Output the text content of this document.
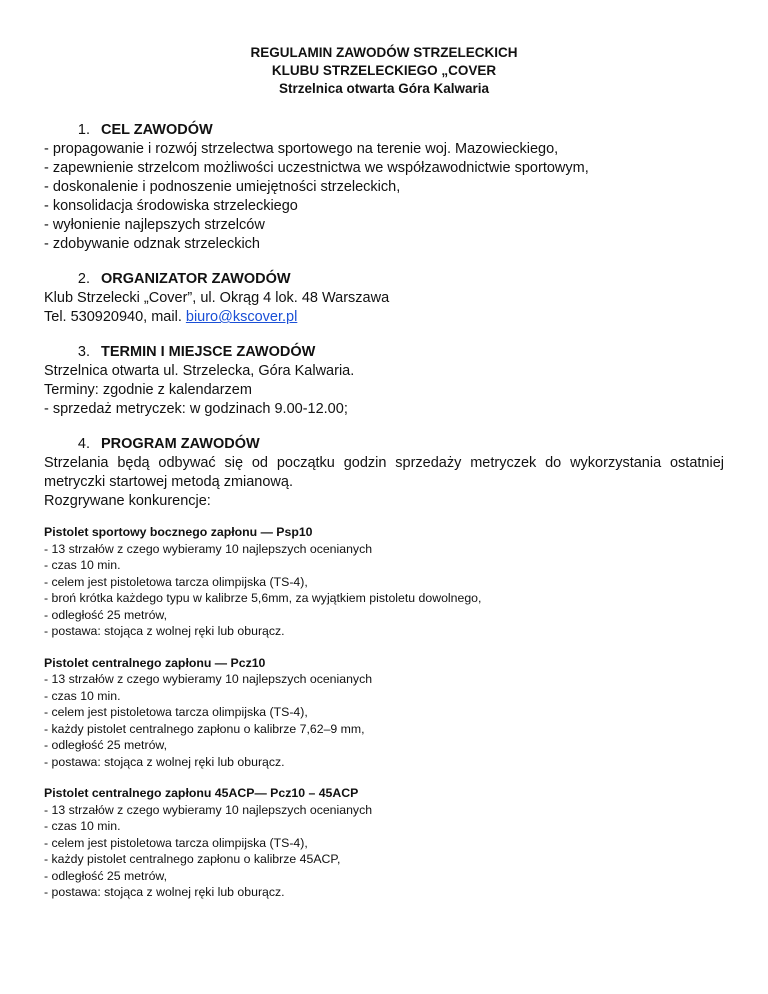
REGULAMIN ZAWODÓW STRZELECKICH
KLUBU STRZELECKIEGO „COVER
Strzelnica otwarta Góra Kalwaria
1. CEL ZAWODÓW
- propagowanie i rozwój strzelectwa sportowego na terenie woj. Mazowieckiego,
- zapewnienie strzelcom możliwości uczestnictwa we współzawodnictwie sportowym,
- doskonalenie i podnoszenie umiejętności strzeleckich,
- konsolidacja środowiska strzeleckiego
- wyłonienie najlepszych strzelców
- zdobywanie odznak strzeleckich
2. ORGANIZATOR ZAWODÓW
Klub Strzelecki „Cover”, ul. Okrąg 4 lok. 48 Warszawa
Tel. 530920940, mail. biuro@kscover.pl
3. TERMIN I MIEJSCE ZAWODÓW
Strzelnica otwarta ul. Strzelecka, Góra Kalwaria.
Terminy: zgodnie z kalendarzem
- sprzedaż metryczek: w godzinach 9.00-12.00;
4. PROGRAM ZAWODÓW
Strzelania będą odbywać się od początku godzin sprzedaży metryczek do wykorzystania ostatniej
metryczki startowej metodą zmianową.
Rozgrywane konkurencje:
Pistolet sportowy bocznego zapłonu — Psp10
- 13 strzałów z czego wybieramy 10 najlepszych ocenianych
- czas 10 min.
- celem jest pistoletowa tarcza olimpijska (TS-4),
- broń krótka każdego typu w kalibrze 5,6mm, za wyjątkiem pistoletu dowolnego,
- odległość 25 metrów,
- postawa: stojąca z wolnej ręki lub oburącz.
Pistolet centralnego zapłonu — Pcz10
- 13 strzałów z czego wybieramy 10 najlepszych ocenianych
- czas 10 min.
- celem jest pistoletowa tarcza olimpijska (TS-4),
- każdy pistolet centralnego zapłonu o kalibrze 7,62–9 mm,
- odległość 25 metrów,
- postawa: stojąca z wolnej ręki lub oburącz.
Pistolet centralnego zapłonu 45ACP— Pcz10 – 45ACP
- 13 strzałów z czego wybieramy 10 najlepszych ocenianych
- czas 10 min.
- celem jest pistoletowa tarcza olimpijska (TS-4),
- każdy pistolet centralnego zapłonu o kalibrze 45ACP,
- odległość 25 metrów,
- postawa: stojąca z wolnej ręki lub oburącz.
